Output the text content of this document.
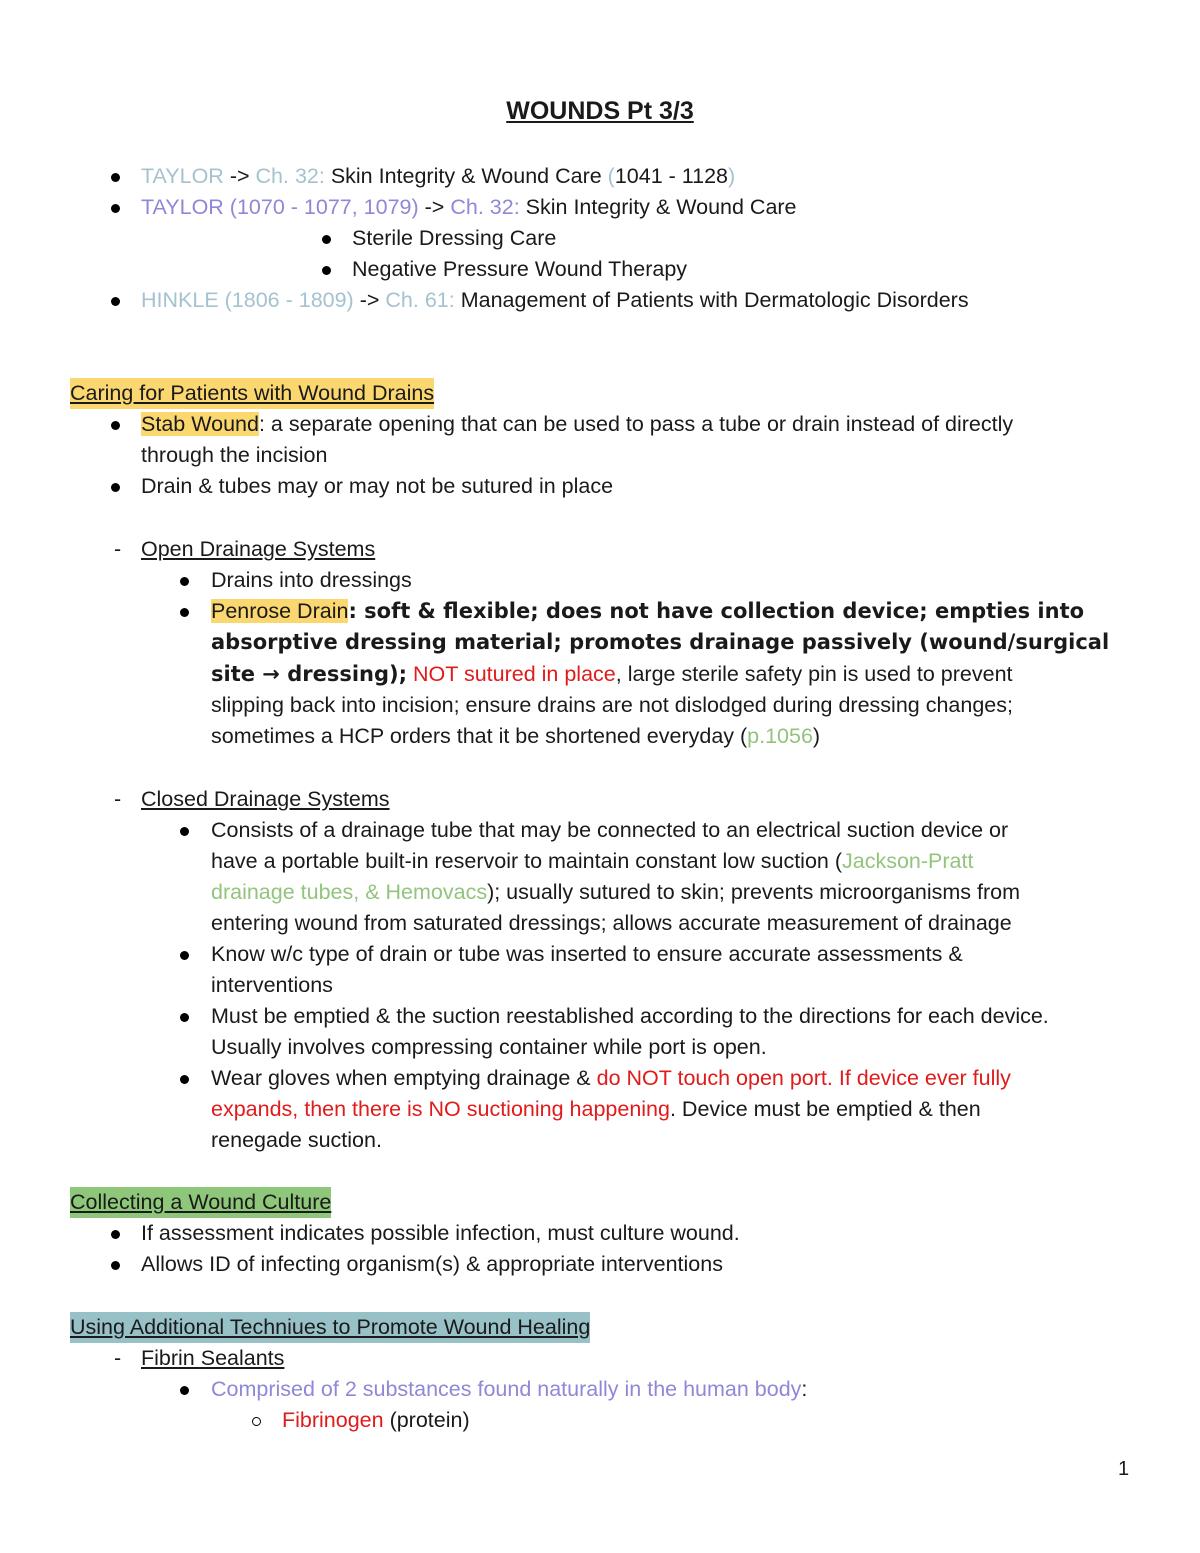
WOUNDS Pt 3/3
TAYLOR -> Ch. 32: Skin Integrity & Wound Care (1041 - 1128)
TAYLOR (1070 - 1077, 1079) -> Ch. 32: Skin Integrity & Wound Care
Sterile Dressing Care
Negative Pressure Wound Therapy
HINKLE (1806 - 1809) -> Ch. 61: Management of Patients with Dermatologic Disorders
Caring for Patients with Wound Drains
Stab Wound: a separate opening that can be used to pass a tube or drain instead of directly
through the incision
Drain & tubes may or may not be sutured in place
- Open Drainage Systems
Drains into dressings
Penrose Drain: soft & flexible; does not have collection device; empties into
absorptive dressing material; promotes drainage passively (wound/surgical
site → dressing); NOT sutured in place, large sterile safety pin is used to prevent
slipping back into incision; ensure drains are not dislodged during dressing changes;
sometimes a HCP orders that it be shortened everyday (p.1056)
- Closed Drainage Systems
Consists of a drainage tube that may be connected to an electrical suction device or
have a portable built-in reservoir to maintain constant low suction (Jackson-Pratt
drainage tubes, & Hemovacs); usually sutured to skin; prevents microorganisms from
entering wound from saturated dressings; allows accurate measurement of drainage
Know w/c type of drain or tube was inserted to ensure accurate assessments &
interventions
Must be emptied & the suction reestablished according to the directions for each device.
Usually involves compressing container while port is open.
Wear gloves when emptying drainage & do NOT touch open port. If device ever fully
expands, then there is NO suctioning happening. Device must be emptied & then
renegade suction.
Collecting a Wound Culture
If assessment indicates possible infection, must culture wound.
Allows ID of infecting organism(s) & appropriate interventions
Using Additional Techniues to Promote Wound Healing
- Fibrin Sealants
Comprised of 2 substances found naturally in the human body:
Fibrinogen (protein)
1
